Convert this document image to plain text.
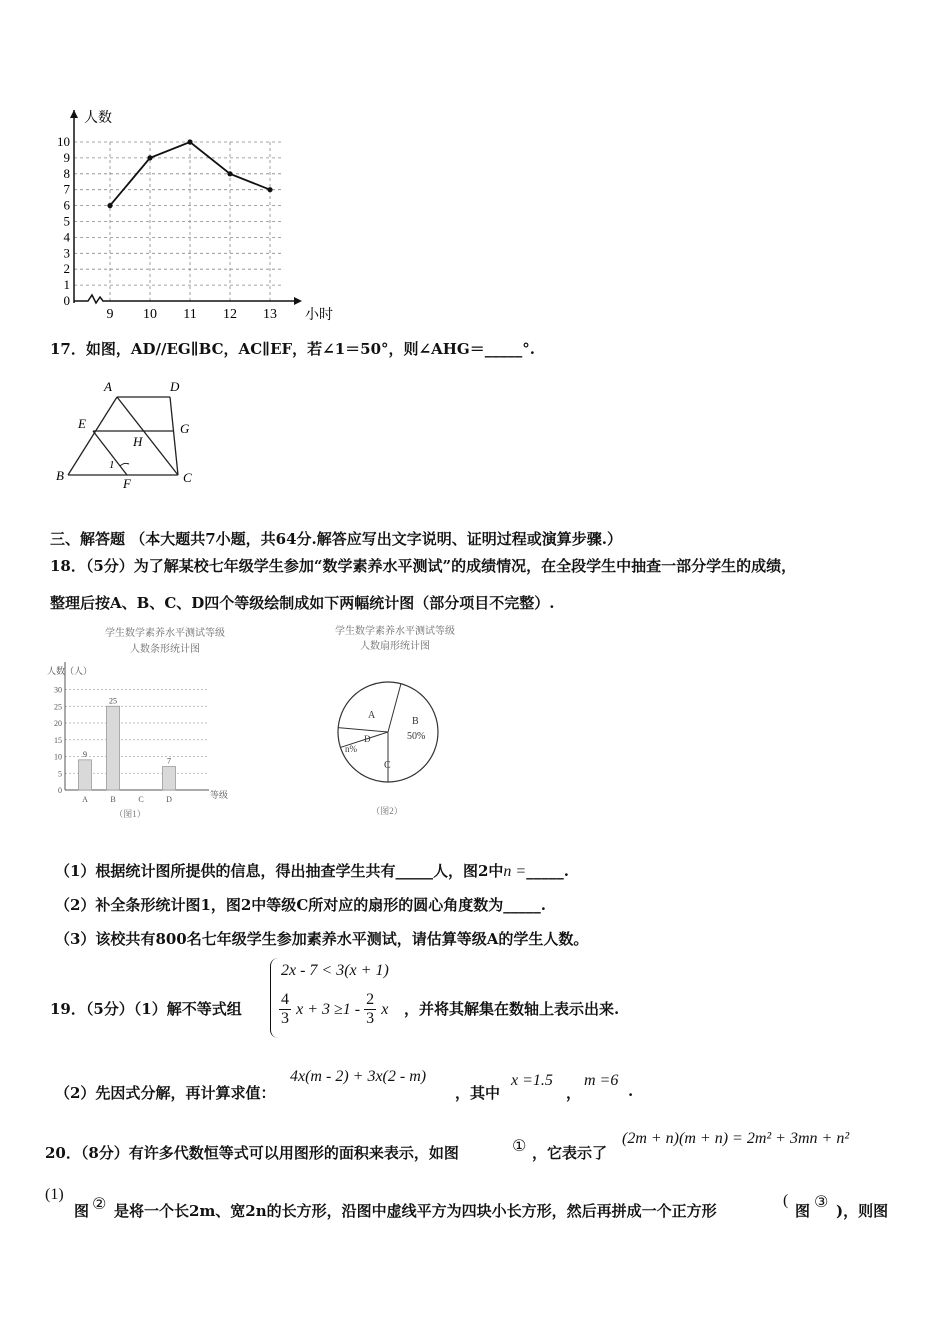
0
1
2
3
4
5
6
7
8
9
10
9 10 11 12 13
人数
小时
17．如图，AD//EG∥BC，AC∥EF，若∠1＝50°，则∠AHG＝_____°.
A	D
E	G
H
B
F	C
1
三、解答题 （本大题共7小题，共64分.解答应写出文字说明、证明过程或演算步骤.）
18．（5分）为了解某校七年级学生参加“数学素养水平测试”的成绩情况，在全段学生中抽查一部分学生的成绩，
整理后按A、B、C、D四个等级绘制成如下两幅统计图（部分项目不完整）.
学生数学素养水平测试等级
人数条形统计图
人数（人）
等级
（图1）
0
5
10
15
20
25
30
9
A
25
B	C
7
D
学生数学素养水平测试等级
人数扇形统计图
A
B
50%
C
D
n%
（图2）
（1）根据统计图所提供的信息，得出抽查学生共有_____人，图2中n =_____.
（2）补全条形统计图1，图2中等级C所对应的扇形的圆心角度数为_____.
（3）该校共有800名七年级学生参加素养水平测试，请估算等级A的学生人数。
2x - 7 < 3(x + 1)
$\frac{4}{3}$ $x + 3 \ge 1 - \frac{2}{3}$ x
19．（5分）（1）解不等式组	，并将其解集在数轴上表示出来.
（2）先因式分解，再计算求值：
4x(m - 2) + 3x(2 - m)
，其中
x =1.5
，
m =6
.
20．（8分）有许多代数恒等式可以用图形的面积来表示，如图	① ，它表示了
(2m + n)(m + n) = 2m² + 3mn + n²
(1)
图 ② 是将一个长2m、宽2n的长方形，沿图中虚线平方为四块小长方形，然后再拼成一个正方形
(
图 ③ )，则图
